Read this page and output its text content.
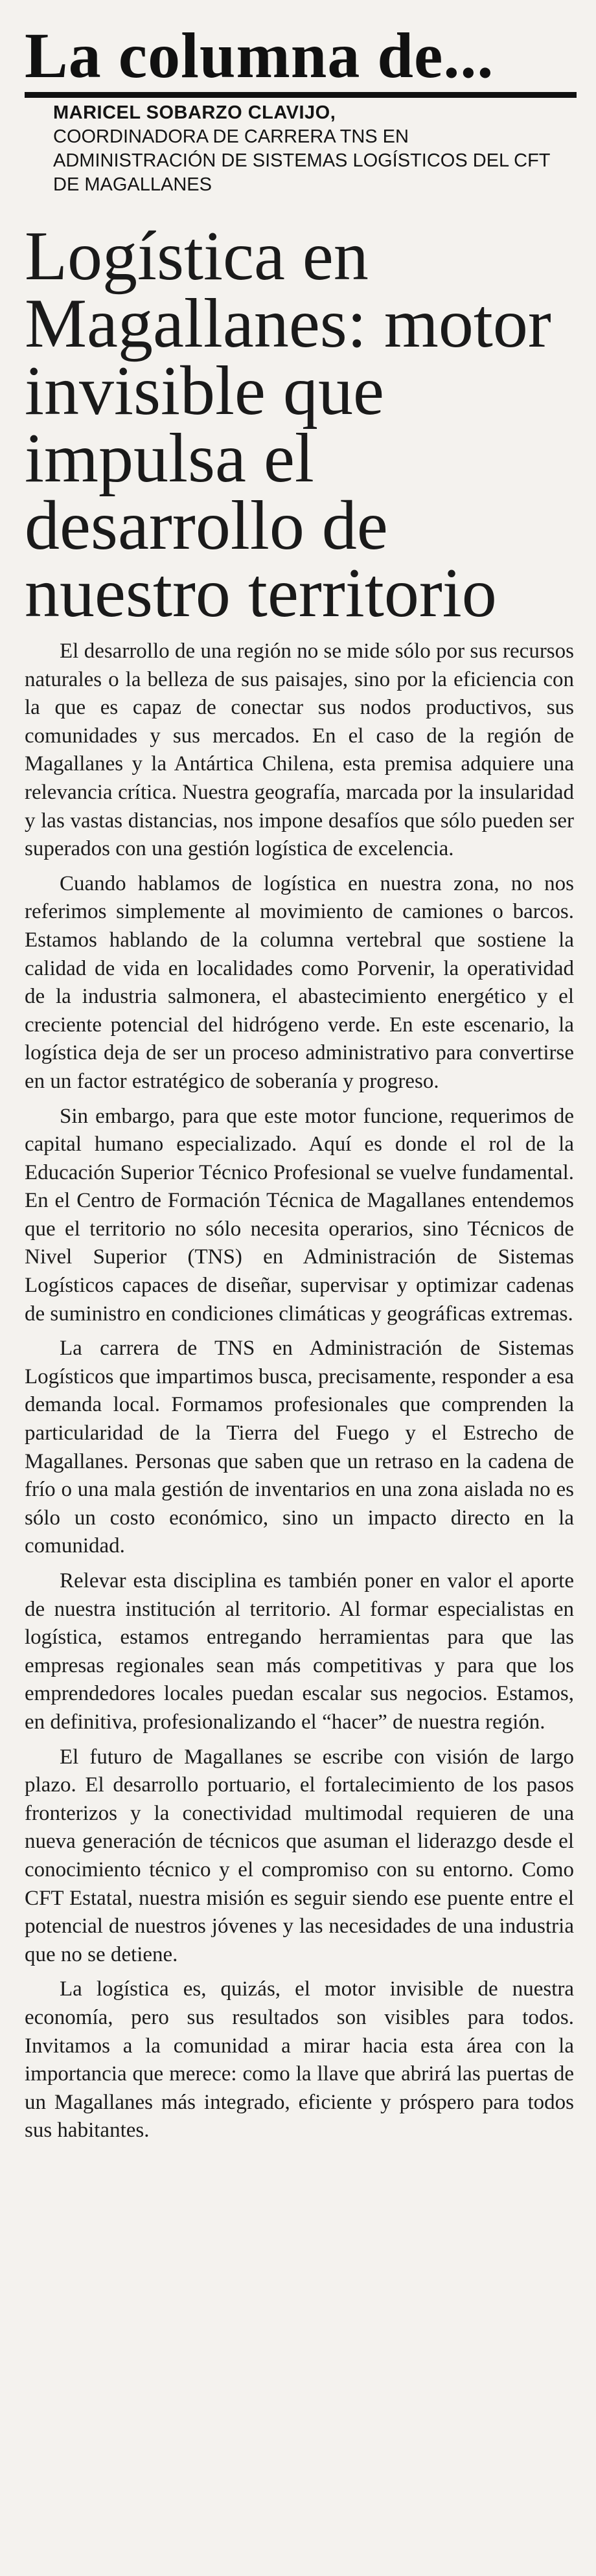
La columna de...
MARICEL SOBARZO CLAVIJO,
COORDINADORA DE CARRERA TNS EN ADMINISTRACIÓN DE SISTEMAS LOGÍSTICOS DEL CFT DE MAGALLANES
Logística en Magallanes: motor invisible que impulsa el desarrollo de nuestro territorio

El desarrollo de una región no se mide sólo por sus recursos naturales o la belleza de sus paisajes, sino por la eficiencia con la que es capaz de conectar sus nodos productivos, sus comunidades y sus mercados. En el caso de la región de Magallanes y la Antártica Chilena, esta premisa adquiere una relevancia crítica. Nuestra geografía, marcada por la insularidad y las vastas distancias, nos impone desafíos que sólo pueden ser superados con una gestión logística de excelencia.

Cuando hablamos de logística en nuestra zona, no nos referimos simplemente al movimiento de camiones o barcos. Estamos hablando de la columna vertebral que sostiene la calidad de vida en localidades como Porvenir, la operatividad de la industria salmonera, el abastecimiento energético y el creciente potencial del hidrógeno verde. En este escenario, la logística deja de ser un proceso administrativo para convertirse en un factor estratégico de soberanía y progreso.

Sin embargo, para que este motor funcione, requerimos de capital humano especializado. Aquí es donde el rol de la Educación Superior Técnico Profesional se vuelve fundamental. En el Centro de Formación Técnica de Magallanes entendemos que el territorio no sólo necesita operarios, sino Técnicos de Nivel Superior (TNS) en Administración de Sistemas Logísticos capaces de diseñar, supervisar y optimizar cadenas de suministro en condiciones climáticas y geográficas extremas.

La carrera de TNS en Administración de Sistemas Logísticos que impartimos busca, precisamente, responder a esa demanda local. Formamos profesionales que comprenden la particularidad de la Tierra del Fuego y el Estrecho de Magallanes. Personas que saben que un retraso en la cadena de frío o una mala gestión de inventarios en una zona aislada no es sólo un costo económico, sino un impacto directo en la comunidad.

Relevar esta disciplina es también poner en valor el aporte de nuestra institución al territorio. Al formar especialistas en logística, estamos entregando herramientas para que las empresas regionales sean más competitivas y para que los emprendedores locales puedan escalar sus negocios. Estamos, en definitiva, profesionalizando el “hacer” de nuestra región.

El futuro de Magallanes se escribe con visión de largo plazo. El desarrollo portuario, el fortalecimiento de los pasos fronterizos y la conectividad multimodal requieren de una nueva generación de técnicos que asuman el liderazgo desde el conocimiento técnico y el compromiso con su entorno. Como CFT Estatal, nuestra misión es seguir siendo ese puente entre el potencial de nuestros jóvenes y las necesidades de una industria que no se detiene.

La logística es, quizás, el motor invisible de nuestra economía, pero sus resultados son visibles para todos. Invitamos a la comunidad a mirar hacia esta área con la importancia que merece: como la llave que abrirá las puertas de un Magallanes más integrado, eficiente y próspero para todos sus habitantes.
